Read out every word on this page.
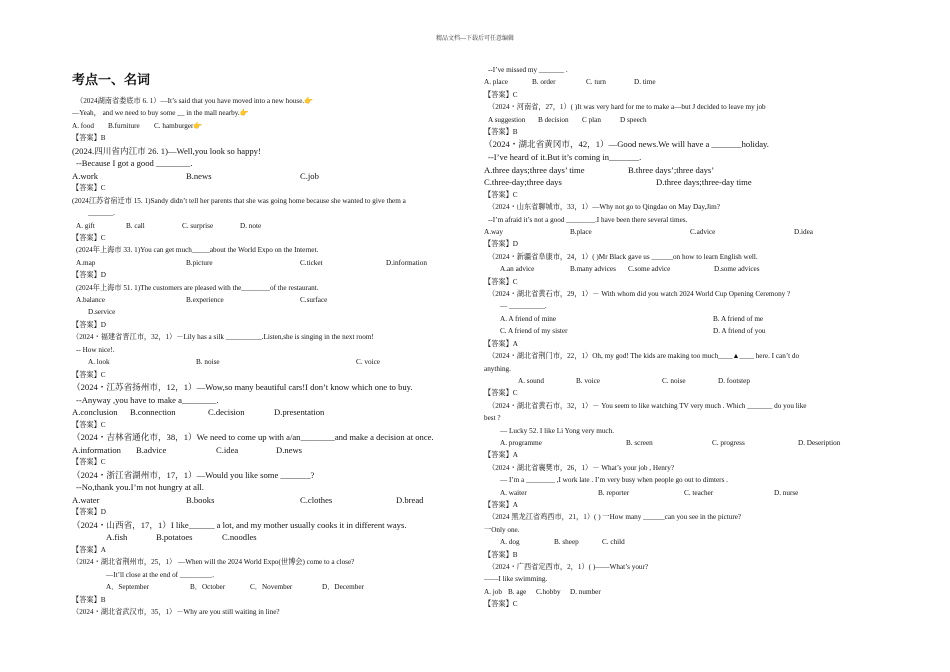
精品文档---下载后可任意编辑
考点一、名词
（2024湖南省娄底市 6. 1）—It’s said that you have moved into a new house.👉
—Yeah， and we need to buy some __ in the mall nearby.👉
A. food	B.furniture	C. hamburger👉
【答案】B
(2024.四川省内江市 26. 1)—Well,you look so happy!
--Because I got a good ________.
A.work	B.news	C.job
【答案】C
(2024江苏省宿迁市 15. 1)Sandy didn’t tell her parents that she was going home because she wanted to give them a
_______.
A. gift	B. call	C. surprise	D. note
【答案】C
(2024年上海市 33. 1)You can get much_____about the World Expo on the Internet.
A.map	B.picture	C.ticket	D.information
【答案】D
(2024年上海市 51. 1)The customers are pleased with the________of the restaurant.
A.balance	B.experience	C.surface
D.service
【答案】D
（2024・福建省晋江市，32，1）－Lily has a silk __________.Listen,she is singing in the next room!
-- How nice!.
A. look	B. noise	C. voice
【答案】C
（2024・江苏省扬州市，12，1）—Wow,so many beautiful cars!I don’t know which one to buy.
--Anyway ,you have to make a________.
A.conclusion	B.connection	C.decision	D.presentation
【答案】C
（2024・吉林省通化市，38，1）We need to come up with a/an________and make a decision at once.
A.information	B.advice	C.idea	D.news
【答案】C
（2024・浙江省湖州市，17，1）—Would you like some _______?
--No,thank you.I’m not hungry at all.
A.water	B.books	C.clothes	D.bread
【答案】D
（2024・山西省，17，1）I like______ a lot, and my mother usually cooks it in different ways.
A.fish	B.potatoes	C.noodles
【答案】A
（2024・湖北省荆州市，25，1） —When will the 2024 World Expo(世博会) come to a close?
—It’ll close at the end of _________.
A．September	B．October	C．November	D．December
【答案】B
（2024・湖北省武汉市，35，1）－Why are you still waiting in line?
--I’ve missed my _______ .
A. place	B. order	C. turn	D. time
【答案】C
（2024・河南省，27，1）( )It was very hard for me to make a—but J decided to leave my job
A suggestion	B decision	C plan	D speech
【答案】B
（2024・湖北省黄冈市，42，1）—Good news.We will have a _______holiday.
--I’ve heard of it.But it’s coming in_______.
A.three days;three days’ time	B.three days’;three days’
C.three-day;three days	D.three days;three-day time
【答案】C
（2024・山东省聊城市，33，1）—Why not go to Qingdao on May Day,Jim?
--I’m afraid it’s not a good ________.I have been there several times.
A.way	B.place	C.advice	D.idea
【答案】D
（2024・新疆省阜康市，24，1）( )Mr Black gave us ______on how to learn English well.
A.an advice	B.many advices	C.some advice	D.some advices
【答案】C
（2024・湖北省黄石市，29，1）－ With whom did you watch 2024 World Cup Opening Ceremony ?
— __________.
A. A friend of mine	B. A friend of me
C. A friend of my sister	D. A friend of you
【答案】A
（2024・湖北省荆门市，22，1）Oh, my god! The kids are making too much____▲____ here. I can’t do
anything.
A. sound	B. voice	C. noise	D. footstep
【答案】C
（2024・湖北省黄石市，32，1）－ You seem to like watching TV very much . Which _______ do you like
best ?
— Lucky 52. I like Li Yong very much.
A. programme	B. screen	C. progress	D. Deseription
【答案】A
（2024・湖北省襄樊市，26，1）－ What’s your job , Henry?
— I’m a ________ ,I work late . I’m very busy when people go out to dimters .
A. waiter	B. reporter	C. teacher	D. nurse
【答案】A
（2024 黑龙江省鸡西市，21，1）( ) 一How many ______can you see in the picture?
一Only one.
A. dog	B. sheep	C. child
【答案】B
（2024・广西省定西市，2，1）( )——What’s your?
——I like swimming.
A. job B. age	C.hobby	D. number
【答案】C
